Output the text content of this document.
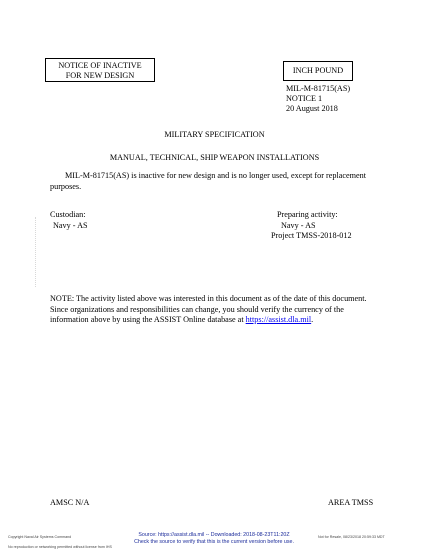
NOTICE OF INACTIVE
FOR NEW DESIGN
INCH POUND
MIL-M-81715(AS)
NOTICE 1
20 August 2018
MILITARY SPECIFICATION
MANUAL, TECHNICAL, SHIP WEAPON INSTALLATIONS
MIL-M-81715(AS) is inactive for new design and is no longer used, except for replacement purposes.
Custodian:
Navy - AS
Preparing activity:
Navy - AS
Project TMSS-2018-012
NOTE: The activity listed above was interested in this document as of the date of this document. Since organizations and responsibilities can change, you should verify the currency of the information above by using the ASSIST Online database at https://assist.dla.mil.
AMSC N/A	AREA TMSS
Source: https://assist.dla.mil -- Downloaded: 2018-08-23T11:20Z
Check the source to verify that this is the current version before use.
Copyright Naval Air Systems Command
No reproduction or networking permitted without license from IHS
Not for Resale, 08/23/2018 20:59:33 MDT
